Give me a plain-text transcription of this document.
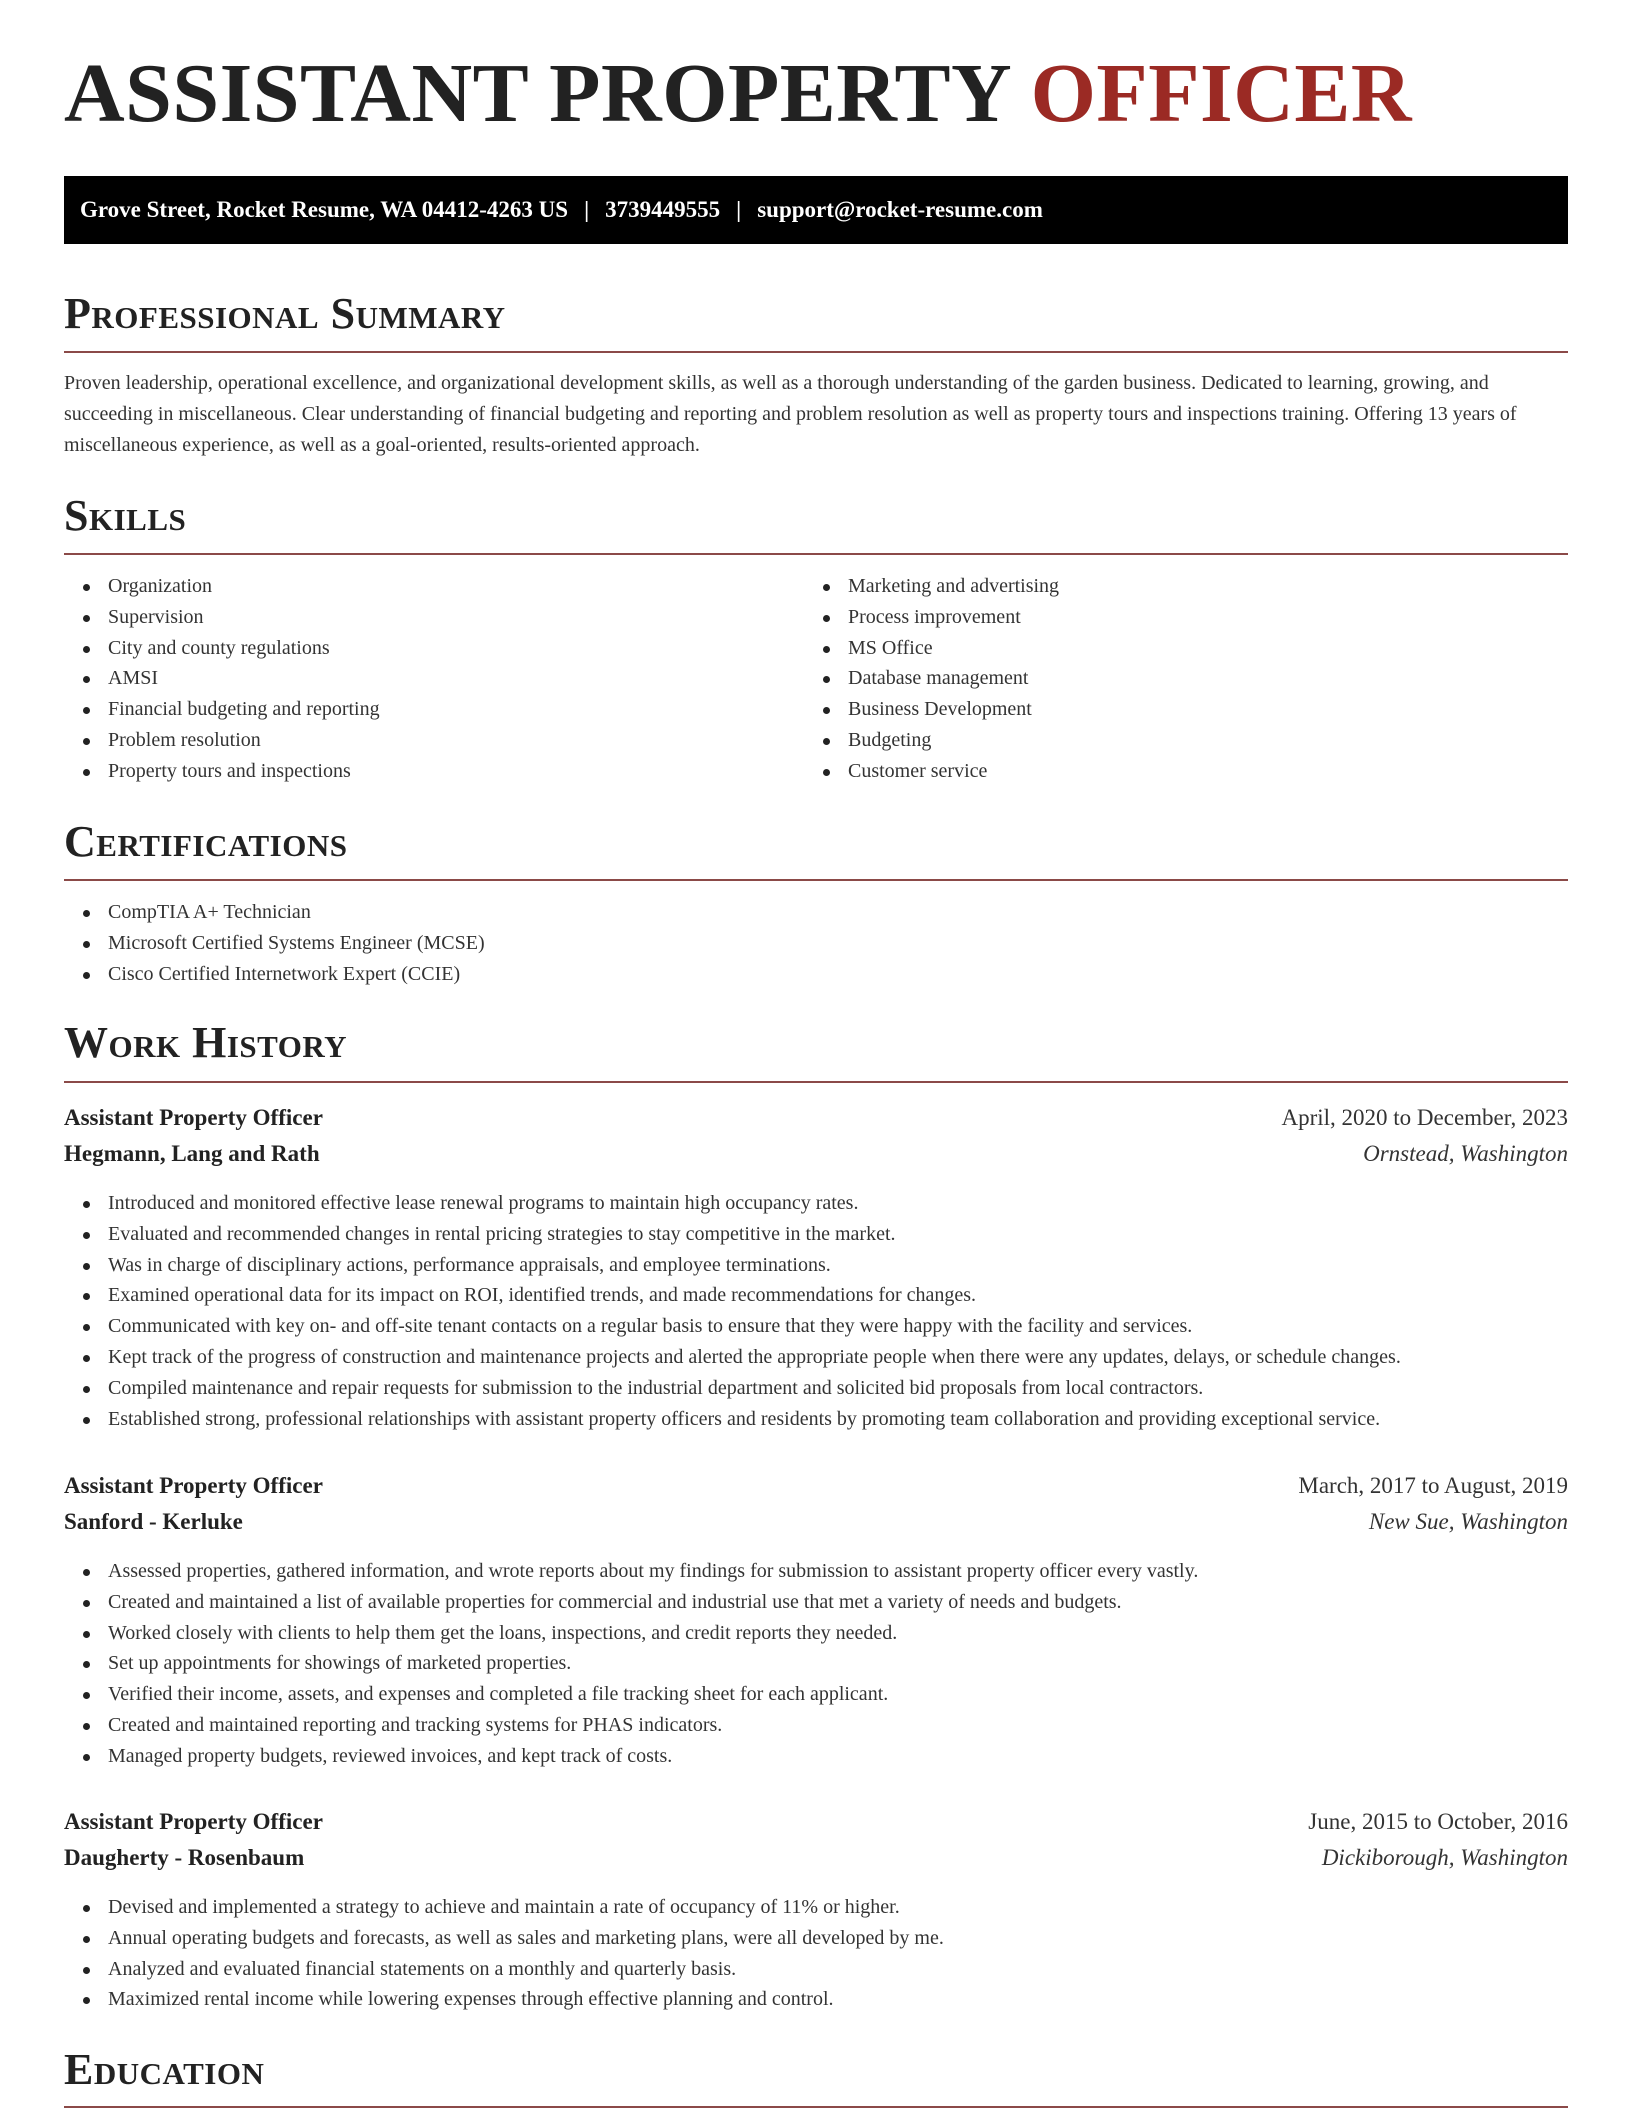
ASSISTANT PROPERTY OFFICER
Grove Street, Rocket Resume, WA 04412-4263 US | 3739449555 | support@rocket-resume.com
Professional Summary

Proven leadership, operational excellence, and organizational development skills, as well as a thorough understanding of the garden business. Dedicated to learning, growing, and succeeding in miscellaneous. Clear understanding of financial budgeting and reporting and problem resolution as well as property tours and inspections training. Offering 13 years of miscellaneous experience, as well as a goal-oriented, results-oriented approach.

Skills
Organization
Supervision
City and county regulations
AMSI
Financial budgeting and reporting
Problem resolution
Property tours and inspections
Marketing and advertising
Process improvement
MS Office
Database management
Business Development
Budgeting
Customer service
Certifications
CompTIA A+ Technician
Microsoft Certified Systems Engineer (MCSE)
Cisco Certified Internetwork Expert (CCIE)
Work History
Assistant Property Officer	April, 2020 to December, 2023
Hegmann, Lang and Rath	Ornstead, Washington
Introduced and monitored effective lease renewal programs to maintain high occupancy rates.
Evaluated and recommended changes in rental pricing strategies to stay competitive in the market.
Was in charge of disciplinary actions, performance appraisals, and employee terminations.
Examined operational data for its impact on ROI, identified trends, and made recommendations for changes.
Communicated with key on- and off-site tenant contacts on a regular basis to ensure that they were happy with the facility and services.
Kept track of the progress of construction and maintenance projects and alerted the appropriate people when there were any updates, delays, or schedule changes.
Compiled maintenance and repair requests for submission to the industrial department and solicited bid proposals from local contractors.
Established strong, professional relationships with assistant property officers and residents by promoting team collaboration and providing exceptional service.
Assistant Property Officer	March, 2017 to August, 2019
Sanford - Kerluke	New Sue, Washington
Assessed properties, gathered information, and wrote reports about my findings for submission to assistant property officer every vastly.
Created and maintained a list of available properties for commercial and industrial use that met a variety of needs and budgets.
Worked closely with clients to help them get the loans, inspections, and credit reports they needed.
Set up appointments for showings of marketed properties.
Verified their income, assets, and expenses and completed a file tracking sheet for each applicant.
Created and maintained reporting and tracking systems for PHAS indicators.
Managed property budgets, reviewed invoices, and kept track of costs.
Assistant Property Officer	June, 2015 to October, 2016
Daugherty - Rosenbaum	Dickiborough, Washington
Devised and implemented a strategy to achieve and maintain a rate of occupancy of 11% or higher.
Annual operating budgets and forecasts, as well as sales and marketing plans, were all developed by me.
Analyzed and evaluated financial statements on a monthly and quarterly basis.
Maximized rental income while lowering expenses through effective planning and control.
Education
